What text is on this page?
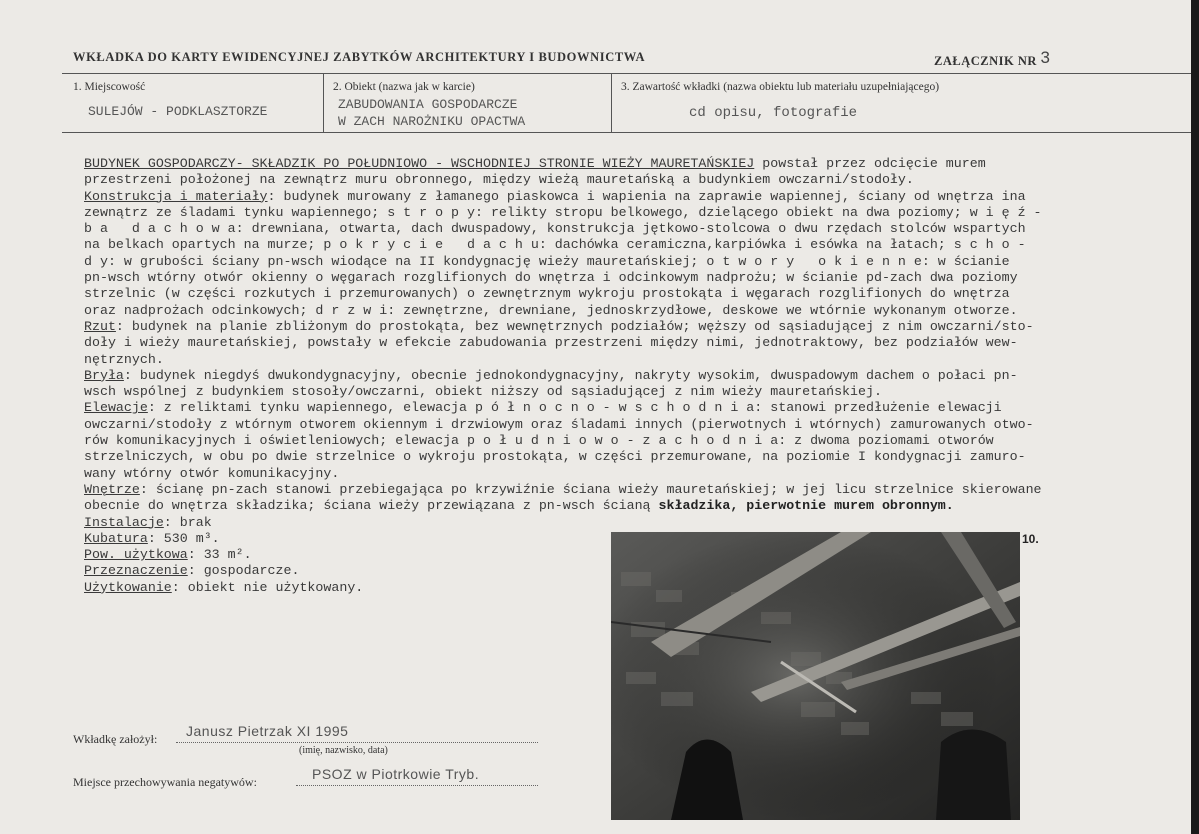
WKŁADKA DO KARTY EWIDENCYJNEJ ZABYTKÓW ARCHITEKTURY I BUDOWNICTWA	ZAŁĄCZNIK NR 3
1. Miejscowość
SULEJÓW - PODKLASZTORZE
2. Obiekt (nazwa jak w karcie)
ZABUDOWANIA GOSPODARCZE
W ZACH NAROŻNIKU OPACTWA
3. Zawartość wkładki (nazwa obiektu lub materiału uzupełniającego)
cd opisu, fotografie
BUDYNEK GOSPODARCZY- SKŁADZIK PO POŁUDNIOWO - WSCHODNIEJ STRONIE WIEŻY MAURETAŃSKIEJ powstał przez odcięcie murem
przestrzeni położonej na zewnątrz muru obronnego, między wieżą mauretańską a budynkiem owczarni/stodoły.
Konstrukcja i materiały: budynek murowany z łamanego piaskowca i wapienia na zaprawie wapiennej, ściany od wnętrza ina
zewnątrz ze śladami tynku wapiennego; s t r o p y: relikty stropu belkowego, dzielącego obiekt na dwa poziomy; w i ę ź -
b a   d a c h o w a: drewniana, otwarta, dach dwuspadowy, konstrukcja jętkowo-stolcowa o dwu rzędach stolców wspartych
na belkach opartych na murze; p o k r y c i e   d a c h u: dachówka ceramiczna,karpiówka i esówka na łatach; s c h o -
d y: w grubości ściany pn-wsch wiodące na II kondygnację wieży mauretańskiej; o t w o r y   o k i e n n e: w ścianie
pn-wsch wtórny otwór okienny o węgarach rozglifionych do wnętrza i odcinkowym nadprożu; w ścianie pd-zach dwa poziomy
strzelnic (w części rozkutych i przemurowanych) o zewnętrznym wykroju prostokąta i węgarach rozglifionych do wnętrza
oraz nadprożach odcinkowych; d r z w i: zewnętrzne, drewniane, jednoskrzydłowe, deskowe we wtórnie wykonanym otworze.
Rzut: budynek na planie zbliżonym do prostokąta, bez wewnętrznych podziałów; węższy od sąsiadującej z nim owczarni/sto-
doły i wieży mauretańskiej, powstały w efekcie zabudowania przestrzeni między nimi, jednotraktowy, bez podziałów wew-
nętrznych.
Bryła: budynek niegdyś dwukondygnacyjny, obecnie jednokondygnacyjny, nakryty wysokim, dwuspadowym dachem o połaci pn-
wsch wspólnej z budynkiem stosoły/owczarni, obiekt niższy od sąsiadującej z nim wieży mauretańskiej.
Elewacje: z reliktami tynku wapiennego, elewacja p ó ł n o c n o - w s c h o d n i a: stanowi przedłużenie elewacji
owczarni/stodoły z wtórnym otworem okiennym i drzwiowym oraz śladami innych (pierwotnych i wtórnych) zamurowanych otwo-
rów komunikacyjnych i oświetleniowych; elewacja p o ł u d n i o w o - z a c h o d n i a: z dwoma poziomami otworów
strzelniczych, w obu po dwie strzelnice o wykroju prostokąta, w części przemurowane, na poziomie I kondygnacji zamuro-
wany wtórny otwór komunikacyjny.
Wnętrze: ścianę pn-zach stanowi przebiegająca po krzywiźnie ściana wieży mauretańskiej; w jej licu strzelnice skierowane
obecnie do wnętrza składzika; ściana wieży przewiązana z pn-wsch ścianą składzika, pierwotnie murem obronnym.
Instalacje: brak
Kubatura: 530 m³.
Pow. użytkowa: 33 m².
Przeznaczenie: gospodarcze.
Użytkowanie: obiekt nie użytkowany.
10.
Wkładkę założył: Janusz Pietrzak XI 1995
(imię, nazwisko, data)
Miejsce przechowywania negatywów:	PSOZ w Piotrkowie Tryb.
